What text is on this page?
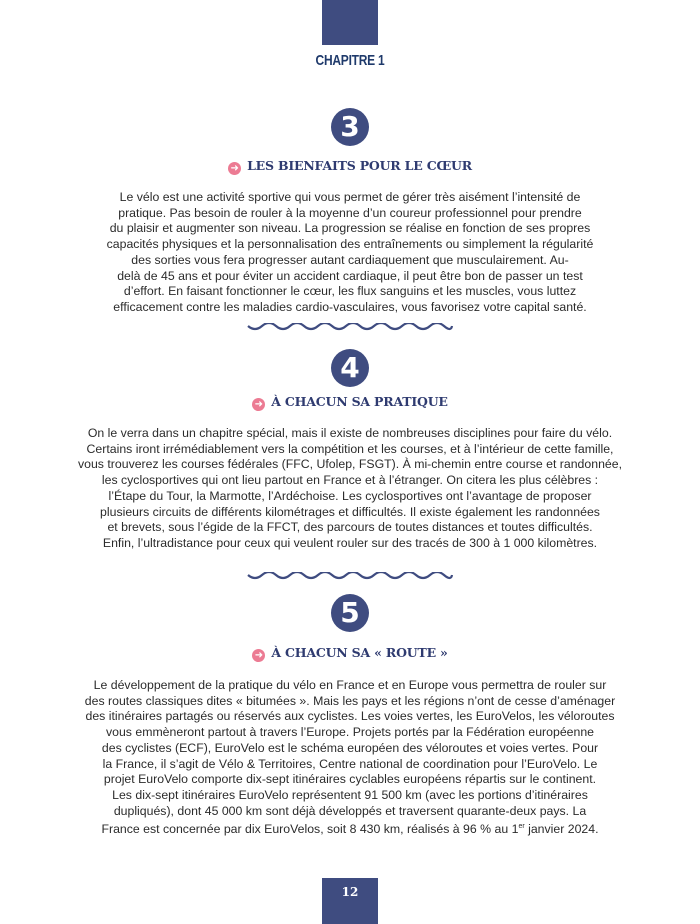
CHAPITRE 1
3
➜ LES BIENFAITS POUR LE CŒUR
Le vélo est une activité sportive qui vous permet de gérer très aisément l’intensité de
pratique. Pas besoin de rouler à la moyenne d’un coureur professionnel pour prendre
du plaisir et augmenter son niveau. La progression se réalise en fonction de ses propres
capacités physiques et la personnalisation des entraînements ou simplement la régularité
des sorties vous fera progresser autant cardiaquement que musculairement. Au-
delà de 45 ans et pour éviter un accident cardiaque, il peut être bon de passer un test
d’effort. En faisant fonctionner le cœur, les flux sanguins et les muscles, vous luttez
efficacement contre les maladies cardio-vasculaires, vous favorisez votre capital santé.
4
➜ À CHACUN SA PRATIQUE
On le verra dans un chapitre spécial, mais il existe de nombreuses disciplines pour faire du vélo.
Certains iront irrémédiablement vers la compétition et les courses, et à l’intérieur de cette famille,
vous trouverez les courses fédérales (FFC, Ufolep, FSGT). À mi-chemin entre course et randonnée,
les cyclosportives qui ont lieu partout en France et à l’étranger. On citera les plus célèbres :
l’Étape du Tour, la Marmotte, l’Ardéchoise. Les cyclosportives ont l’avantage de proposer
plusieurs circuits de différents kilométrages et difficultés. Il existe également les randonnées
et brevets, sous l’égide de la FFCT, des parcours de toutes distances et toutes difficultés.
Enfin, l’ultradistance pour ceux qui veulent rouler sur des tracés de 300 à 1 000 kilomètres.
5
➜ À CHACUN SA « ROUTE »
Le développement de la pratique du vélo en France et en Europe vous permettra de rouler sur
des routes classiques dites « bitumées ». Mais les pays et les régions n’ont de cesse d’aménager
des itinéraires partagés ou réservés aux cyclistes. Les voies vertes, les EuroVelos, les véloroutes
vous emmèneront partout à travers l’Europe. Projets portés par la Fédération européenne
des cyclistes (ECF), EuroVelo est le schéma européen des véloroutes et voies vertes. Pour
la France, il s’agit de Vélo & Territoires, Centre national de coordination pour l’EuroVelo. Le
projet EuroVelo comporte dix-sept itinéraires cyclables européens répartis sur le continent.
Les dix-sept itinéraires EuroVelo représentent 91 500 km (avec les portions d’itinéraires
dupliqués), dont 45 000 km sont déjà développés et traversent quarante-deux pays. La
France est concernée par dix EuroVelos, soit 8 430 km, réalisés à 96 % au 1er janvier 2024.
12
